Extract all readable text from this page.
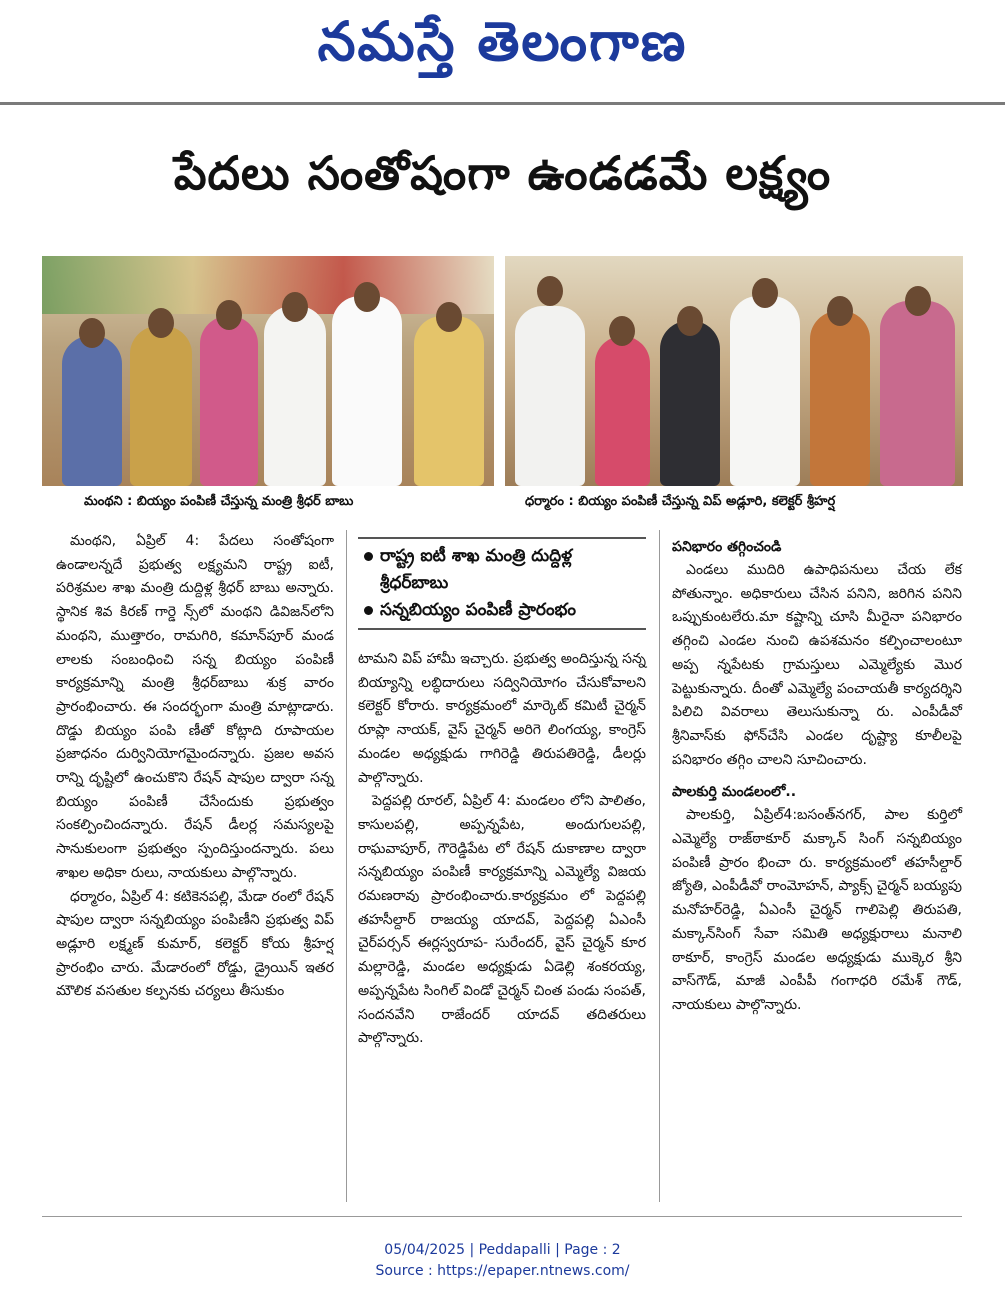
నమస్తే తెలంగాణ
పేదలు సంతోషంగా ఉండడమే లక్ష్యం
మంథని : బియ్యం పంపిణీ చేస్తున్న మంత్రి శ్రీధర్ బాబు	ధర్మారం : బియ్యం పంపిణీ చేస్తున్న విప్ అడ్లూరి, కలెక్టర్ శ్రీహర్ష

మంథని, ఏప్రిల్ 4: పేదలు సంతోషంగా ఉండాలన్నదే ప్రభుత్వ లక్ష్యమని రాష్ట్ర ఐటీ, పరిశ్రమల శాఖ మంత్రి దుద్దిళ్ల శ్రీధర్ బాబు అన్నారు. స్థానిక శివ కిరణ్ గార్డె న్స్‌లో మంథని డివిజన్‌లోని మంథని, ముత్తారం, రామగిరి, కమాన్‌పూర్ మండ లాలకు సంబంధించి సన్న బియ్యం పంపిణీ కార్యక్రమాన్ని మంత్రి శ్రీధర్‌బాబు శుక్ర వారం ప్రారంభించారు. ఈ సందర్భంగా మంత్రి మాట్లాడారు. దొడ్డు బియ్యం పంపి ణీతో కోట్లాది రూపాయల ప్రజాధనం దుర్వినియోగమైందన్నారు. ప్రజల అవస రాన్ని దృష్టిలో ఉంచుకొని రేషన్ షాపుల ద్వారా సన్న బియ్యం పంపిణీ చేసేందుకు ప్రభుత్వం సంకల్పించిందన్నారు. రేషన్ డీలర్ల సమస్యలపై సానుకులంగా ప్రభుత్వం స్పందిస్తుందన్నారు. పలు శాఖల అధికా రులు, నాయకులు పాల్గొన్నారు.

ధర్మారం, ఏప్రిల్ 4: కటికెనపల్లి, మేడా రంలో రేషన్ షాపుల ద్వారా సన్నబియ్యం పంపిణీని ప్రభుత్వ విప్ అడ్లూరి లక్ష్మణ్ కుమార్, కలెక్టర్ కోయ శ్రీహర్ష ప్రారంభిం చారు. మేడారంలో రోడ్డు, డ్రైయిన్ ఇతర మౌలిక వసతుల కల్పనకు చర్యలు తీసుకుం

రాష్ట్ర ఐటీ శాఖ మంత్రి దుద్దిళ్ల శ్రీధర్‌బాబు
సన్నబియ్యం పంపిణీ ప్రారంభం

టామని విప్ హామీ ఇచ్చారు. ప్రభుత్వ అందిస్తున్న సన్న బియ్యాన్ని లబ్ధిదారులు సద్వినియోగం చేసుకోవాలని కలెక్టర్ కోరారు. కార్యక్రమంలో మార్కెట్ కమిటీ చైర్మన్ రూప్లా నాయక్, వైస్ చైర్మన్ అరిగె లింగయ్య, కాంగ్రెస్ మండల అధ్యక్షుడు గాగిరెడ్డి తిరుపతిరెడ్డి, డీలర్లు పాల్గొన్నారు.

పెద్దపల్లి రూరల్, ఏప్రిల్ 4: మండలం లోని పాలితం, కాసులపల్లి, అప్పన్నపేట, అందుగులపల్లి, రాఘవాపూర్, గౌరెడ్డిపేట లో రేషన్ దుకాణాల ద్వారా సన్నబియ్యం పంపిణీ కార్యక్రమాన్ని ఎమ్మెల్యే విజయ రమణరావు ప్రారంభించారు.కార్యక్రమం లో పెద్దపల్లి తహసీల్దార్ రాజయ్య యాదవ్, పెద్దపల్లి ఏఎంసీ చైర్‌పర్సన్ ఈర్లస్వరూప- సురేందర్, వైస్ చైర్మన్ కూర మల్లారెడ్డి, మండల అధ్యక్షుడు ఏడెల్లి శంకరయ్య, అప్పన్నపేట సింగిల్ విండో చైర్మన్ చింత పండు సంపత్, సందనవేని రాజేందర్ యాదవ్ తదితరులు పాల్గొన్నారు.

పనిభారం తగ్గించండి

ఎండలు ముదిరి ఉపాధిపనులు చేయ లేక పోతున్నాం. అధికారులు చేసిన పనిని, జరిగిన పనిని ఒప్పుకుంటలేరు.మా కష్టాన్ని చూసి మీరైనా పనిభారం తగ్గించి ఎండల నుంచి ఉపశమనం కల్పించాలంటూ అప్ప న్నపేటకు గ్రామస్తులు ఎమ్మెల్యేకు మొర పెట్టుకున్నారు. దీంతో ఎమ్మెల్యే పంచాయతీ కార్యదర్శిని పిలిచి వివరాలు తెలుసుకున్నా రు. ఎంపీడీవో శ్రీనివాస్‌కు ఫోన్‌చేసి ఎండల దృష్ట్యా కూలీలపై పనిభారం తగ్గిం చాలని సూచించారు.

పాలకుర్తి మండలంలో..

పాలకుర్తి, ఏప్రిల్4:బసంత్‌నగర్, పాల కుర్తిలో ఎమ్మెల్యే రాజ్‌ఠాకూర్ మక్కాన్ సింగ్ సన్నబియ్యం పంపిణీ ప్రారం భించా రు. కార్యక్రమంలో తహసీల్దార్ జ్యోతి, ఎంపీడీవో రాంమోహన్, ప్యాక్స్ చైర్మన్ బయ్యపు మనోహర్‌రెడ్డి, ఏఎంసీ చైర్మన్ గాలిపెల్లి తిరుపతి, మక్కాన్‌సింగ్ సేవా సమితి అధ్యక్షురాలు మనాలి ఠాకూర్, కాంగ్రెస్ మండల అధ్యక్షుడు ముక్కెర శ్రీని వాస్‌గౌడ్, మాజీ ఎంపీపీ గంగాధరి రమేశ్ గౌడ్, నాయకులు పాల్గొన్నారు.

05/04/2025 | Peddapalli | Page : 2
Source : https://epaper.ntnews.com/
